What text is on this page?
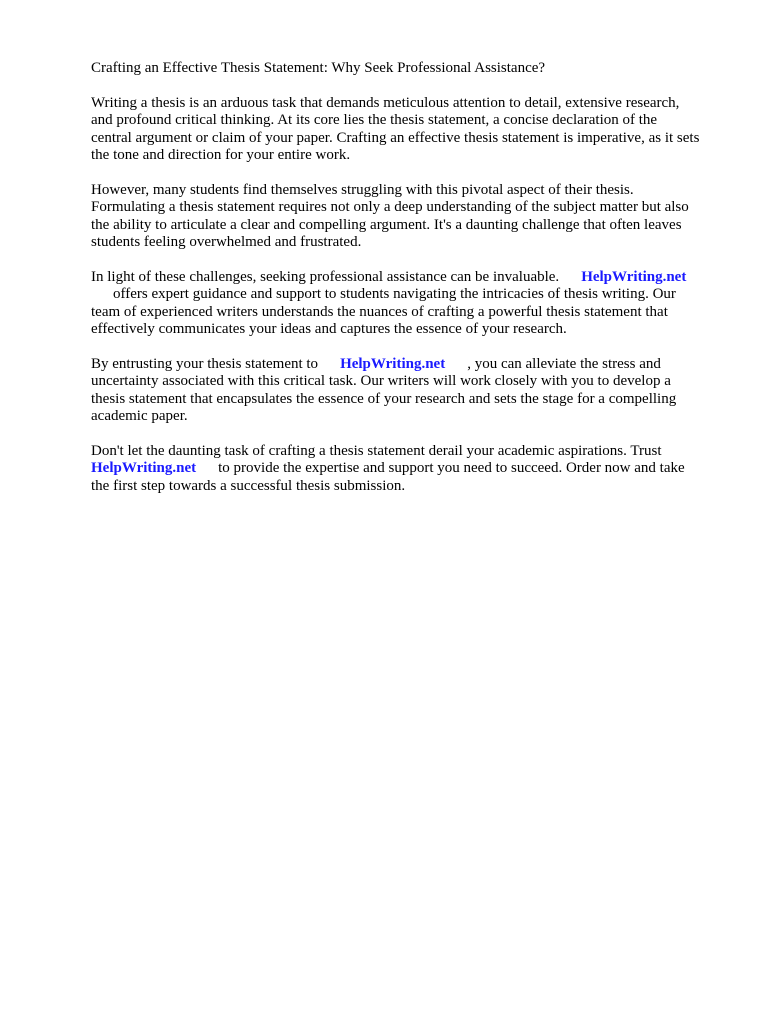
Crafting an Effective Thesis Statement: Why Seek Professional Assistance?
Writing a thesis is an arduous task that demands meticulous attention to detail, extensive research,
and profound critical thinking. At its core lies the thesis statement, a concise declaration of the
central argument or claim of your paper. Crafting an effective thesis statement is imperative, as it sets
the tone and direction for your entire work.
However, many students find themselves struggling with this pivotal aspect of their thesis.
Formulating a thesis statement requires not only a deep understanding of the subject matter but also
the ability to articulate a clear and compelling argument. It's a daunting challenge that often leaves
students feeling overwhelmed and frustrated.
In light of these challenges, seeking professional assistance can be invaluable. HelpWriting.net
offers expert guidance and support to students navigating the intricacies of thesis writing. Our
team of experienced writers understands the nuances of crafting a powerful thesis statement that
effectively communicates your ideas and captures the essence of your research.
By entrusting your thesis statement to HelpWriting.net , you can alleviate the stress and
uncertainty associated with this critical task. Our writers will work closely with you to develop a
thesis statement that encapsulates the essence of your research and sets the stage for a compelling
academic paper.
Don't let the daunting task of crafting a thesis statement derail your academic aspirations. Trust
HelpWriting.net to provide the expertise and support you need to succeed. Order now and take
the first step towards a successful thesis submission.
